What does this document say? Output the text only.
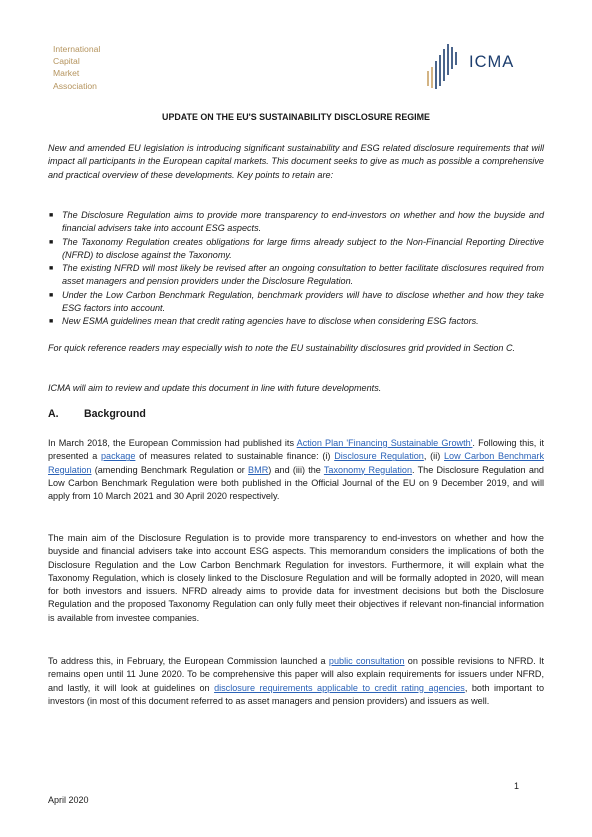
International
Capital
Market
Association
ICMA
UPDATE ON THE EU'S SUSTAINABILITY DISCLOSURE REGIME
New and amended EU legislation is introducing significant sustainability and ESG related disclosure requirements that will impact all participants in the European capital markets. This document seeks to give as much as possible a comprehensive and practical overview of these developments. Key points to retain are:
■ The Disclosure Regulation aims to provide more transparency to end-investors on whether and how the buyside and financial advisers take into account ESG aspects.
■ The Taxonomy Regulation creates obligations for large firms already subject to the Non-Financial Reporting Directive (NFRD) to disclose against the Taxonomy.
■ The existing NFRD will most likely be revised after an ongoing consultation to better facilitate disclosures required from asset managers and pension providers under the Disclosure Regulation.
■ Under the Low Carbon Benchmark Regulation, benchmark providers will have to disclose whether and how they take ESG factors into account.
■ New ESMA guidelines mean that credit rating agencies have to disclose when considering ESG factors.
For quick reference readers may especially wish to note the EU sustainability disclosures grid provided in Section C.
ICMA will aim to review and update this document in line with future developments.
A. Background
In March 2018, the European Commission had published its Action Plan 'Financing Sustainable Growth'. Following this, it presented a package of measures related to sustainable finance: (i) Disclosure Regulation, (ii) Low Carbon Benchmark Regulation (amending Benchmark Regulation or BMR) and (iii) the Taxonomy Regulation. The Disclosure Regulation and Low Carbon Benchmark Regulation were both published in the Official Journal of the EU on 9 December 2019, and will apply from 10 March 2021 and 30 April 2020 respectively.
The main aim of the Disclosure Regulation is to provide more transparency to end-investors on whether and how the buyside and financial advisers take into account ESG aspects. This memorandum considers the implications of both the Disclosure Regulation and the Low Carbon Benchmark Regulation for investors. Furthermore, it will explain what the Taxonomy Regulation, which is closely linked to the Disclosure Regulation and will be formally adopted in 2020, will mean for both investors and issuers. NFRD already aims to provide data for investment decisions but both the Disclosure Regulation and the proposed Taxonomy Regulation can only fully meet their objectives if relevant non-financial information is available from investee companies.
To address this, in February, the European Commission launched a public consultation on possible revisions to NFRD. It remains open until 11 June 2020. To be comprehensive this paper will also explain requirements for issuers under NFRD, and lastly, it will look at guidelines on disclosure requirements applicable to credit rating agencies, both important to investors (in most of this document referred to as asset managers and pension providers) and issuers as well.
1
April 2020
